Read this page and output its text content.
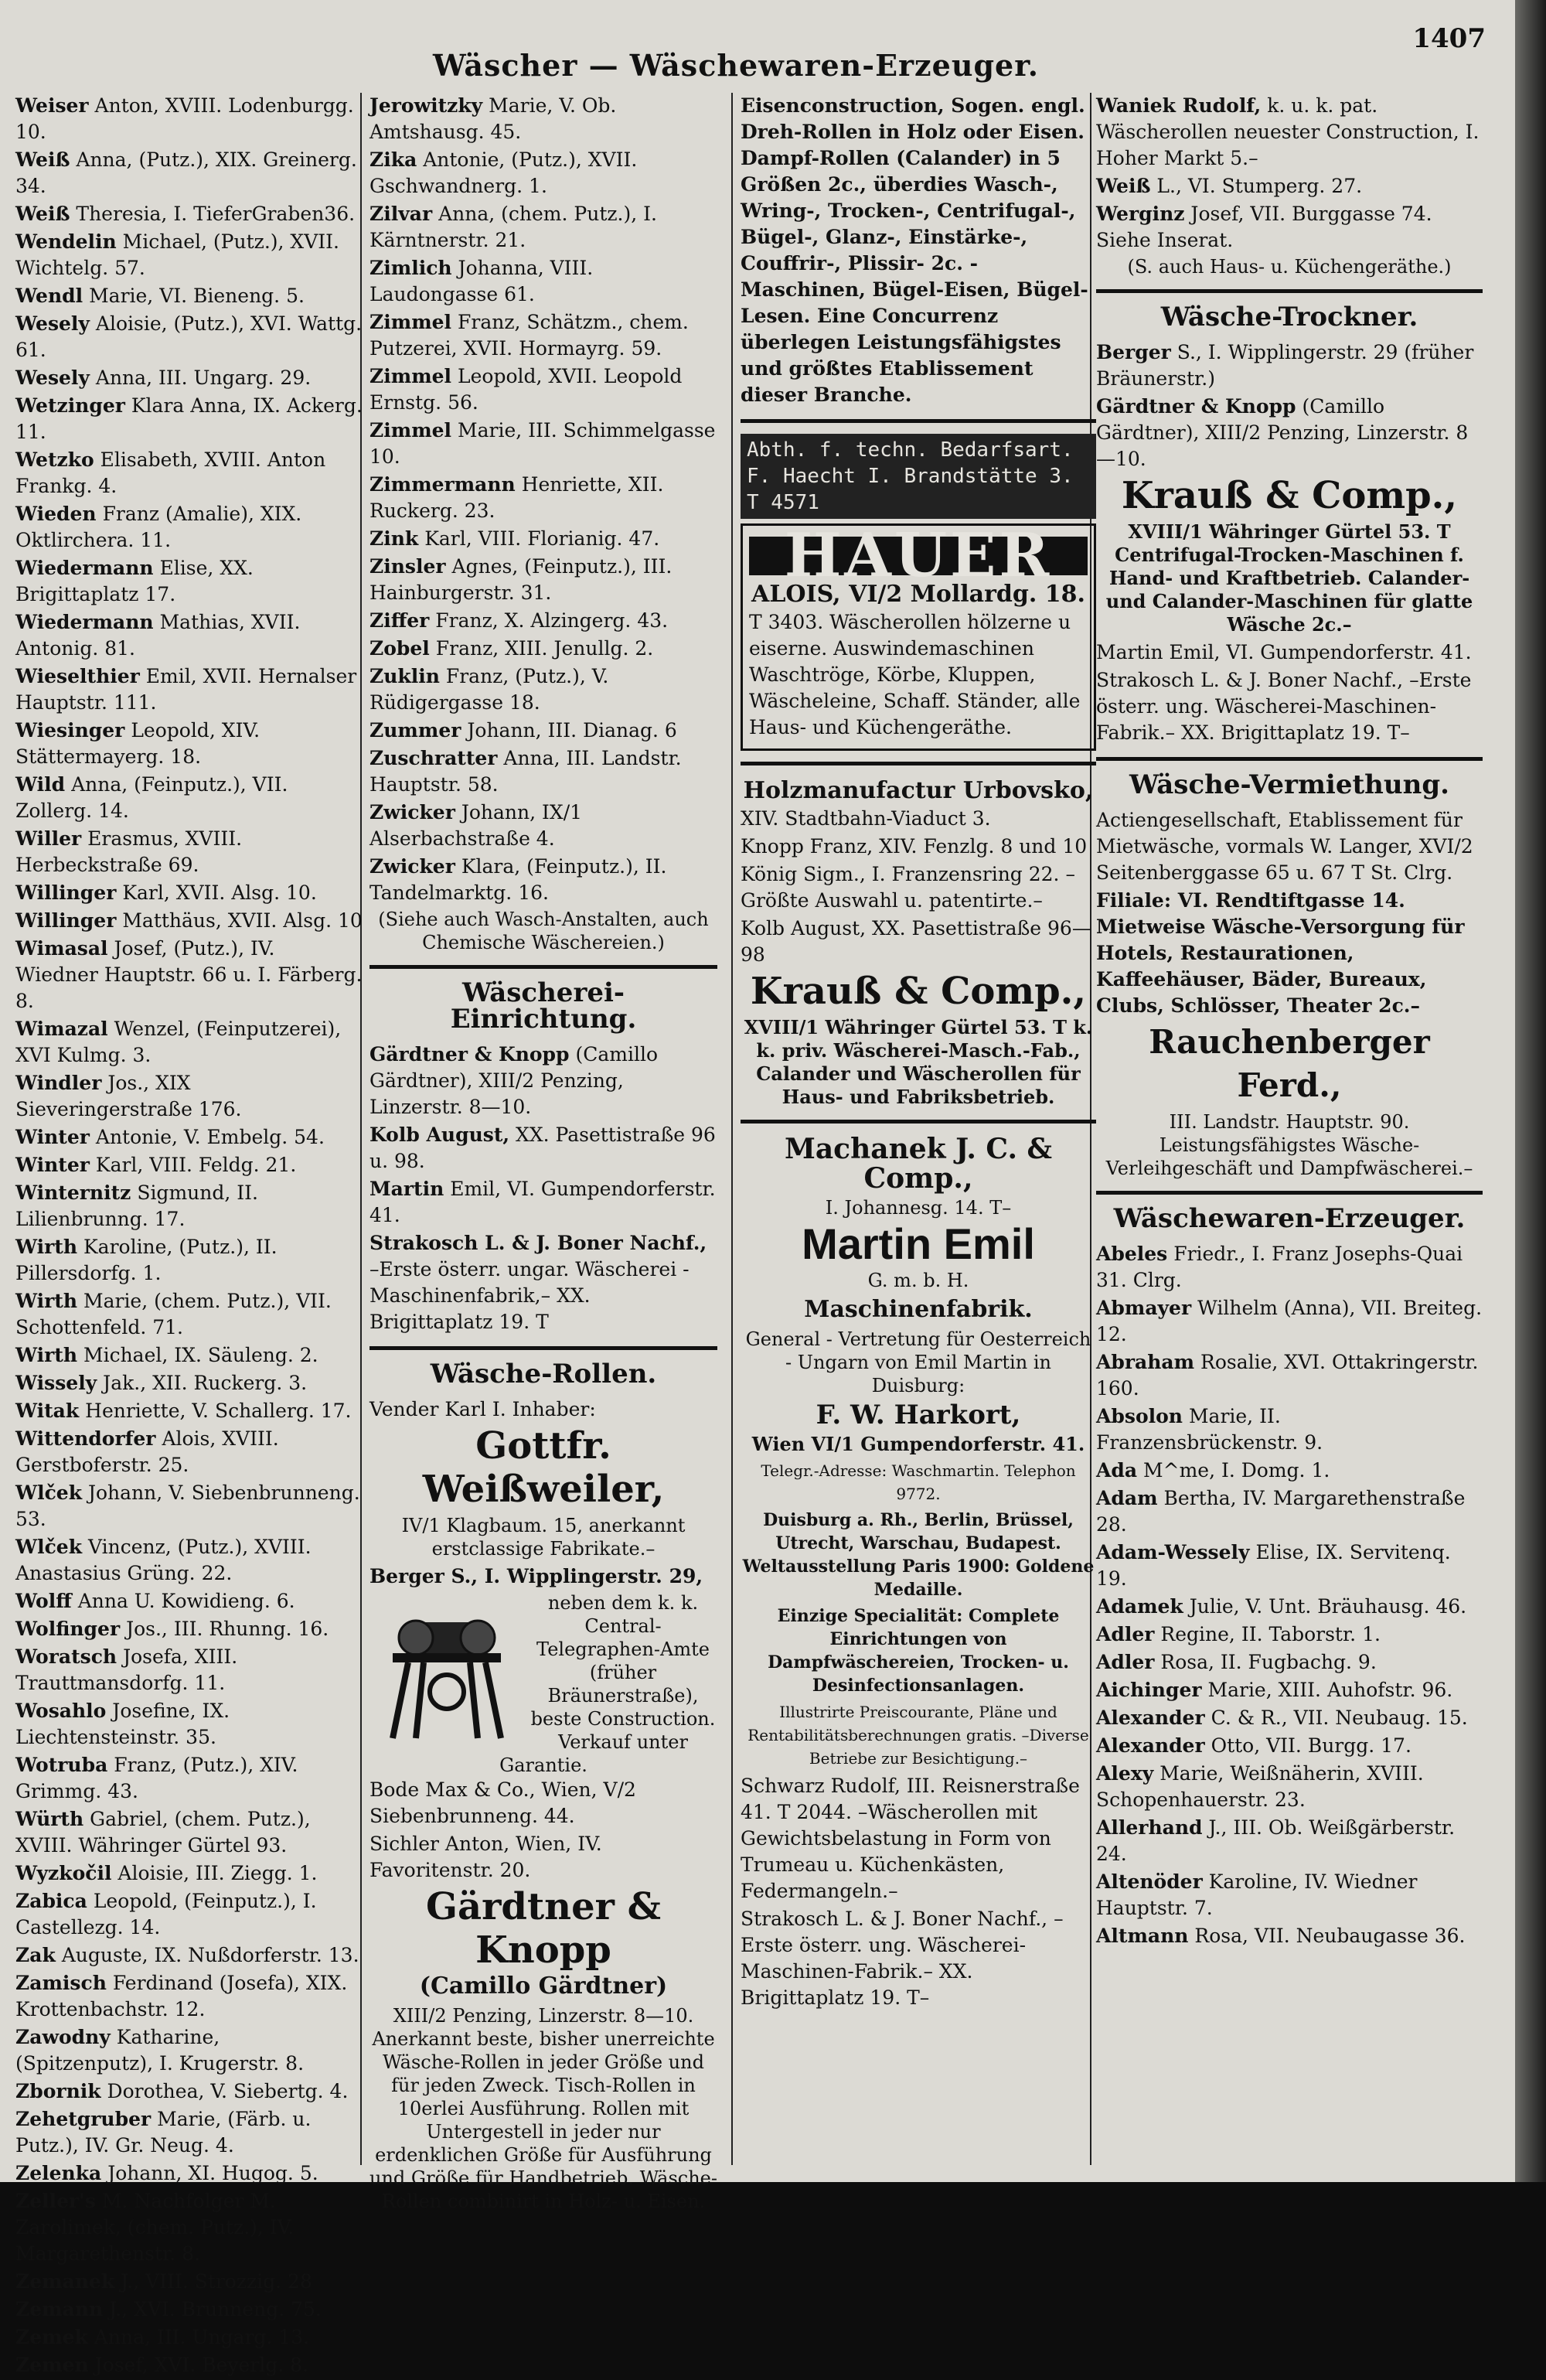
1407
Wäscher — Wäschewaren-Erzeuger.
Weiser Anton, XVIII. Lodenburgg. 10.
Weiß Anna, (Putz.), XIX. Greinerg. 34.
Weiß Theresia, I. TieferGraben36.
Wendelin Michael, (Putz.), XVII. Wichtelg. 57.
Wendl Marie, VI. Bieneng. 5.
Wesely Aloisie, (Putz.), XVI. Wattg. 61.
Wesely Anna, III. Ungarg. 29.
Wetzinger Klara Anna, IX. Ackerg. 11.
Wetzko Elisabeth, XVIII. Anton Frankg. 4.
Wieden Franz (Amalie), XIX. Oktlirchera. 11.
Wiedermann Elise, XX. Brigittaplatz 17.
Wiedermann Mathias, XVII. Antonig. 81.
Wieselthier Emil, XVII. Hernalser Hauptstr. 111.
Wiesinger Leopold, XIV. Stättermayerg. 18.
Wild Anna, (Feinputz.), VII. Zollerg. 14.
Willer Erasmus, XVIII. Herbeckstraße 69.
Willinger Karl, XVII. Alsg. 10.
Willinger Matthäus, XVII. Alsg. 10
Wimasal Josef, (Putz.), IV. Wiedner Hauptstr. 66 u. I. Färberg. 8.
Wimazal Wenzel, (Feinputzerei), XVI Kulmg. 3.
Windler Jos., XIX Sieveringerstraße 176.
Winter Antonie, V. Embelg. 54.
Winter Karl, VIII. Feldg. 21.
Winternitz Sigmund, II. Lilienbrunng. 17.
Wirth Karoline, (Putz.), II. Pillersdorfg. 1.
Wirth Marie, (chem. Putz.), VII. Schottenfeld. 71.
Wirth Michael, IX. Säuleng. 2.
Wissely Jak., XII. Ruckerg. 3.
Witak Henriette, V. Schallerg. 17.
Wittendorfer Alois, XVIII. Gerstboferstr. 25.
Wlček Johann, V. Siebenbrunneng. 53.
Wlček Vincenz, (Putz.), XVIII. Anastasius Grüng. 22.
Wolff Anna U. Kowidieng. 6.
Wolfinger Jos., III. Rhunng. 16.
Woratsch Josefa, XIII. Trauttmansdorfg. 11.
Wosahlo Josefine, IX. Liechtensteinstr. 35.
Wotruba Franz, (Putz.), XIV. Grimmg. 43.
Würth Gabriel, (chem. Putz.), XVIII. Währinger Gürtel 93.
Wyzkočil Aloisie, III. Ziegg. 1.
Zabica Leopold, (Feinputz.), I. Castellezg. 14.
Zak Auguste, IX. Nußdorferstr. 13.
Zamisch Ferdinand (Josefa), XIX. Krottenbachstr. 12.
Zawodny Katharine, (Spitzenputz), I. Krugerstr. 8.
Zbornik Dorothea, V. Siebertg. 4.
Zehetgruber Marie, (Färb. u. Putz.), IV. Gr. Neug. 4.
Zelenka Johann, XI. Hugog. 5.
Zeller's M. Nachfolger M. Zarolimek, (chem. Putz.), IV. Margarethenstr. 8.
Zemanek J., VIII. Strozzig. 28
Zemann J., XVI. Brunneng. 75.
Zemek Anna, III. Ungarg. 13.
Zemen Josef, XVI. Beyerlg. 8.
Jerowitzky Marie, V. Ob. Amtshausg. 45.
Zika Antonie, (Putz.), XVII. Gschwandnerg. 1.
Zilvar Anna, (chem. Putz.), I. Kärntnerstr. 21.
Zimlich Johanna, VIII. Laudongasse 61.
Zimmel Franz, Schätzm., chem. Putzerei, XVII. Hormayrg. 59.
Zimmel Leopold, XVII. Leopold Ernstg. 56.
Zimmel Marie, III. Schimmelgasse 10.
Zimmermann Henriette, XII. Ruckerg. 23.
Zink Karl, VIII. Florianig. 47.
Zinsler Agnes, (Feinputz.), III. Hainburgerstr. 31.
Ziffer Franz, X. Alzingerg. 43.
Zobel Franz, XIII. Jenullg. 2.
Zuklin Franz, (Putz.), V. Rüdigergasse 18.
Zummer Johann, III. Dianag. 6
Zuschratter Anna, III. Landstr. Hauptstr. 58.
Zwicker Johann, IX/1 Alserbachstraße 4.
Zwicker Klara, (Feinputz.), II. Tandelmarktg. 16.
(Siehe auch Wasch-Anstalten, auch Chemische Wäschereien.)
Wäscherei-Einrichtung.
Gärdtner & Knopp (Camillo Gärdtner), XIII/2 Penzing, Linzerstr. 8—10.
Kolb August, XX. Pasettistraße 96 u. 98.
Martin Emil, VI. Gumpendorferstr. 41.
Strakosch L. & J. Boner Nachf., –Erste österr. ungar. Wäscherei - Maschinenfabrik,– XX. Brigittaplatz 19. T
Wäsche-Rollen.
Vender Karl I. Inhaber:
Gottfr. Weißweiler,

IV/1 Klagbaum. 15, anerkannt erstclassige Fabrikate.–

Berger S., I. Wipplingerstr. 29,
neben dem k. k. Central-Telegraphen-Amte (früher Bräunerstraße), beste Construction. Verkauf unter Garantie.
Bode Max & Co., Wien, V/2 Siebenbrunneng. 44.
Sichler Anton, Wien, IV. Favoritenstr. 20.
Gärdtner & Knopp
(Camillo Gärdtner)

XIII/2 Penzing, Linzerstr. 8—10. Anerkannt beste, bisher unerreichte Wäsche-Rollen in jeder Größe und für jeden Zweck. Tisch-Rollen in 10erlei Ausführung. Rollen mit Untergestell in jeder nur erdenklichen Größe für Ausführung und Größe für Handbetrieb. Wäsche-Rollen combinirt in Holz- u. Eisen.

Eisenconstruction, Sogen. engl. Dreh-Rollen in Holz oder Eisen. Dampf-Rollen (Calander) in 5 Größen 2c., überdies Wasch-, Wring-, Trocken-, Centrifugal-, Bügel-, Glanz-, Einstärke-, Couffrir-, Plissir- 2c. - Maschinen, Bügel-Eisen, Bügel-Lesen. Eine Concurrenz überlegen Leistungsfähigstes und größtes Etablissement dieser Branche.
Abth. f. techn. Bedarfsart.
F. Haecht I. Brandstätte 3. T 4571
HAUER
ALOIS, VI/2 Mollardg. 18.
T 3403. Wäscherollen hölzerne u eiserne. Auswindemaschinen Waschtröge, Körbe, Kluppen, Wäscheleine, Schaff. Ständer, alle Haus- und Küchengeräthe.
Holzmanufactur Urbovsko,
XIV. Stadtbahn-Viaduct 3.
Knopp Franz, XIV. Fenzlg. 8 und 10
König Sigm., I. Franzensring 22. –Größte Auswahl u. patentirte.–
Kolb August, XX. Pasettistraße 96—98
Krauß & Comp.,

XVIII/1 Währinger Gürtel 53. T k. k. priv. Wäscherei-Masch.-Fab., Calander und Wäscherollen für Haus- und Fabriksbetrieb.

Machanek J. C. & Comp.,

I. Johannesg. 14. T–

Martin Emil

G. m. b. H.

Maschinenfabrik.

General - Vertretung für Oesterreich - Ungarn von Emil Martin in Duisburg:

F. W. Harkort,

Wien VI/1 Gumpendorferstr. 41.

Telegr.-Adresse: Waschmartin. Telephon 9772.

Duisburg a. Rh., Berlin, Brüssel, Utrecht, Warschau, Budapest. Weltausstellung Paris 1900: Goldene Medaille.

Einzige Specialität: Complete Einrichtungen von Dampfwäschereien, Trocken- u. Desinfectionsanlagen.

Illustrirte Preiscourante, Pläne und Rentabilitätsberechnungen gratis. –Diverse Betriebe zur Besichtigung.–

Schwarz Rudolf, III. Reisnerstraße 41. T 2044. –Wäscherollen mit Gewichtsbelastung in Form von Trumeau u. Küchenkästen, Federmangeln.–
Strakosch L. & J. Boner Nachf., –Erste österr. ung. Wäscherei-Maschinen-Fabrik.– XX. Brigittaplatz 19. T–
Waniek Rudolf, k. u. k. pat. Wäscherollen neuester Construction, I. Hoher Markt 5.–
Weiß L., VI. Stumperg. 27.
Werginz Josef, VII. Burggasse 74. Siehe Inserat.
(S. auch Haus- u. Küchengeräthe.)
Wäsche-Trockner.
Berger S., I. Wipplingerstr. 29 (früher Bräunerstr.)
Gärdtner & Knopp (Camillo Gärdtner), XIII/2 Penzing, Linzerstr. 8—10.
Krauß & Comp.,

XVIII/1 Währinger Gürtel 53. T Centrifugal-Trocken-Maschinen f. Hand- und Kraftbetrieb. Calander- und Calander-Maschinen für glatte Wäsche 2c.–

Martin Emil, VI. Gumpendorferstr. 41.
Strakosch L. & J. Boner Nachf., –Erste österr. ung. Wäscherei-Maschinen-Fabrik.– XX. Brigittaplatz 19. T–
Wäsche-Vermiethung.
Actiengesellschaft, Etablissement für Mietwäsche, vormals W. Langer, XVI/2 Seitenberggasse 65 u. 67 T St. Clrg.
Filiale: VI. Rendtiftgasse 14. Mietweise Wäsche-Versorgung für Hotels, Restaurationen, Kaffeehäuser, Bäder, Bureaux, Clubs, Schlösser, Theater 2c.–
Rauchenberger Ferd.,

III. Landstr. Hauptstr. 90. Leistungsfähigstes Wäsche-Verleihgeschäft und Dampfwäscherei.–

Wäschewaren-Erzeuger.
Abeles Friedr., I. Franz Josephs-Quai 31. Clrg.
Abmayer Wilhelm (Anna), VII. Breiteg. 12.
Abraham Rosalie, XVI. Ottakringerstr. 160.
Absolon Marie, II. Franzensbrückenstr. 9.
Ada M^me, I. Domg. 1.
Adam Bertha, IV. Margarethenstraße 28.
Adam-Wessely Elise, IX. Servitenq. 19.
Adamek Julie, V. Unt. Bräuhausg. 46.
Adler Regine, II. Taborstr. 1.
Adler Rosa, II. Fugbachg. 9.
Aichinger Marie, XIII. Auhofstr. 96.
Alexander C. & R., VII. Neubaug. 15.
Alexander Otto, VII. Burgg. 17.
Alexy Marie, Weißnäherin, XVIII. Schopenhauerstr. 23.
Allerhand J., III. Ob. Weißgärberstr. 24.
Altenöder Karoline, IV. Wiedner Hauptstr. 7.
Altmann Rosa, VII. Neubaugasse 36.
